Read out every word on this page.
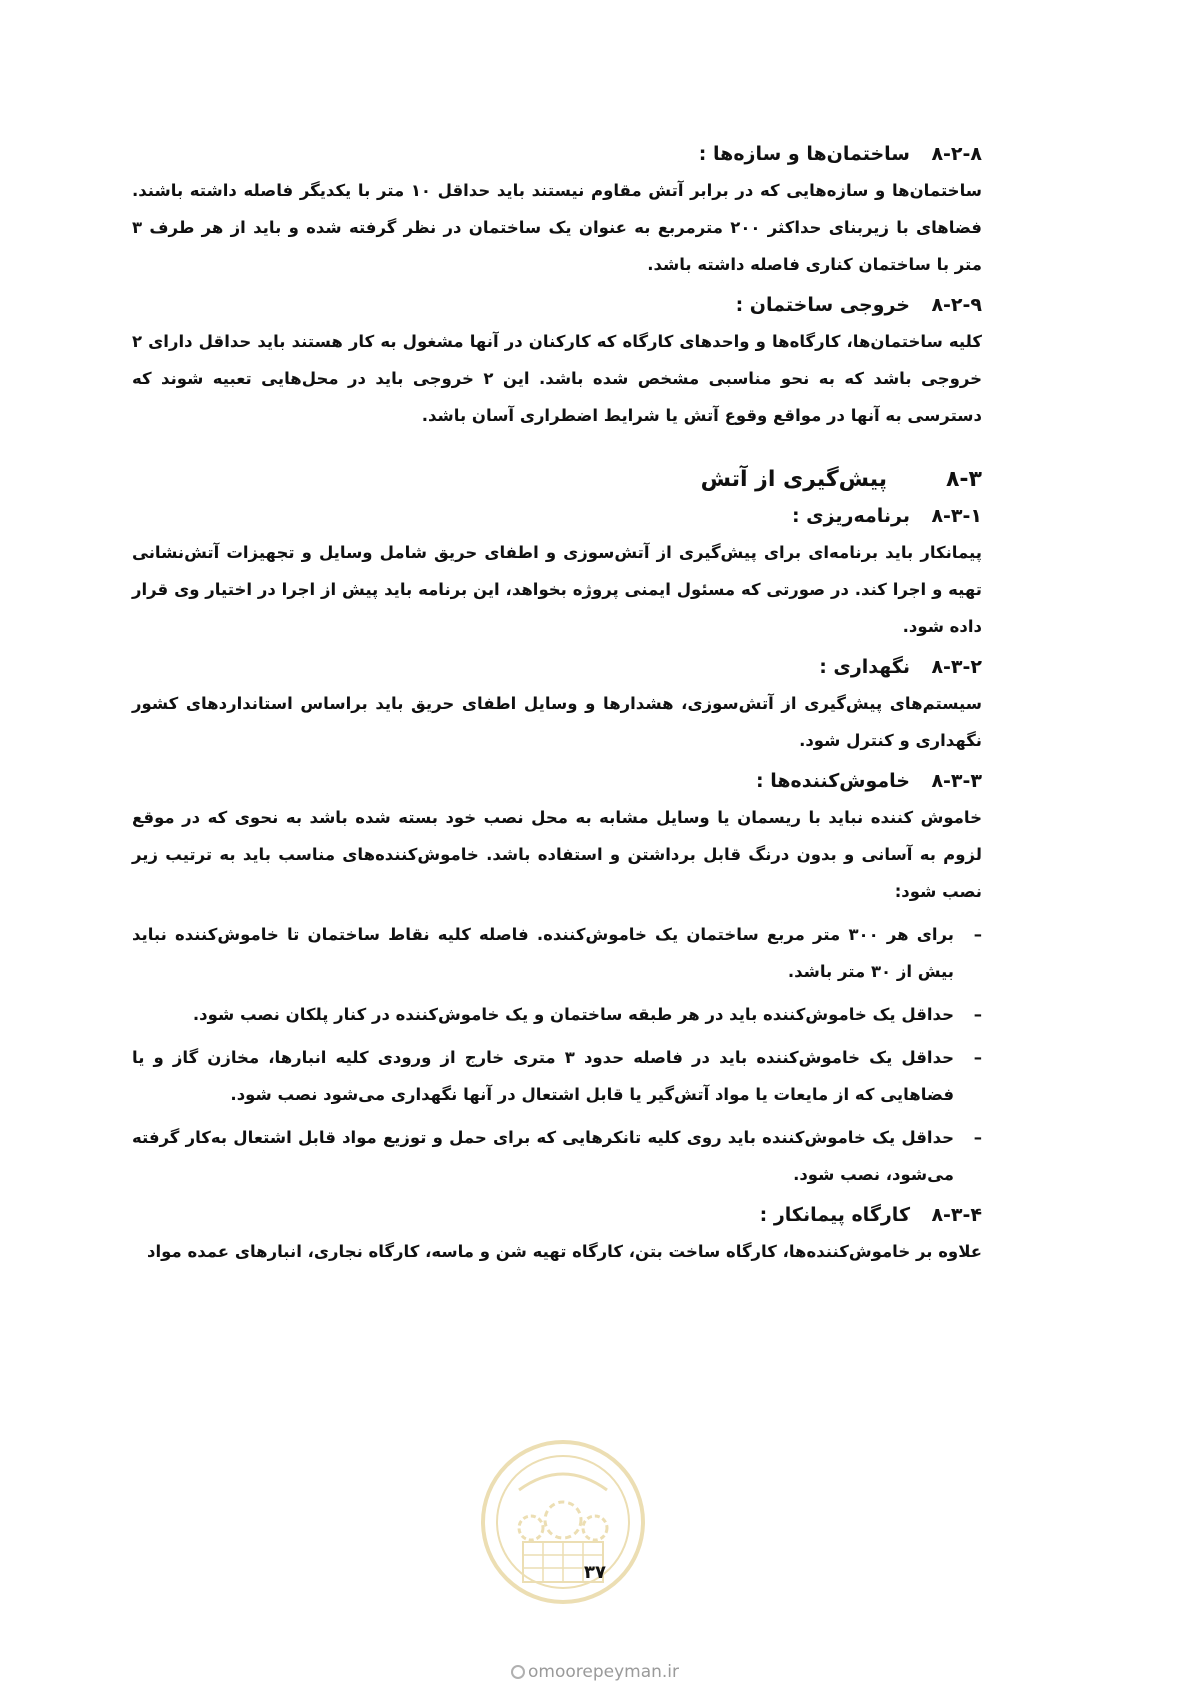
۸-۲-۸
ساختمان‌ها و سازه‌ها :

ساختمان‌ها و سازه‌هایی که در برابر آتش مقاوم نیستند باید حداقل ۱۰ متر با یکدیگر فاصله داشته باشند. فضاهای با زیربنای حداکثر ۲۰۰ مترمربع به عنوان یک ساختمان در نظر گرفته شده و باید از هر طرف ۳ متر با ساختمان کناری فاصله داشته باشد.

۸-۲-۹
خروجی ساختمان :

کلیه ساختمان‌ها، کارگاه‌ها و واحدهای کارگاه که کارکنان در آنها مشغول به کار هستند باید حداقل دارای ۲ خروجی باشد که به نحو مناسبی مشخص شده باشد. این ۲ خروجی باید در محل‌هایی تعبیه شوند که دسترسی به آنها در مواقع وقوع آتش یا شرایط اضطراری آسان باشد.

۸-۳
پیش‌گیری از آتش
۸-۳-۱
برنامه‌ریزی :

پیمانکار باید برنامه‌ای برای پیش‌گیری از آتش‌سوزی و اطفای حریق شامل وسایل و تجهیزات آتش‌نشانی تهیه و اجرا کند. در صورتی که مسئول ایمنی پروژه بخواهد، این برنامه باید پیش از اجرا در اختیار وی قرار داده شود.

۸-۳-۲
نگهداری :

سیستم‌های پیش‌گیری از آتش‌سوزی، هشدارها و وسایل اطفای حریق باید براساس استانداردهای کشور نگهداری و کنترل شود.

۸-۳-۳
خاموش‌کننده‌ها :

خاموش کننده نباید با ریسمان یا وسایل مشابه به محل نصب خود بسته شده باشد به نحوی که در موقع لزوم به آسانی و بدون درنگ قابل برداشتن و استفاده باشد. خاموش‌کننده‌های مناسب باید به ترتیب زیر نصب شود:

–
برای هر ۳۰۰ متر مربع ساختمان یک خاموش‌کننده. فاصله کلیه نقاط ساختمان تا خاموش‌کننده نباید بیش از ۳۰ متر باشد.
–
حداقل یک خاموش‌کننده باید در هر طبقه ساختمان و یک خاموش‌کننده در کنار پلکان نصب شود.
–
حداقل یک خاموش‌کننده باید در فاصله حدود ۳ متری خارج از ورودی کلیه انبارها، مخازن گاز و یا فضاهایی که از مایعات یا مواد آتش‌گیر یا قابل اشتعال در آنها نگهداری می‌شود نصب شود.
–
حداقل یک خاموش‌کننده باید روی کلیه تانکرهایی که برای حمل و توزیع مواد قابل اشتعال به‌کار گرفته می‌شود، نصب شود.
۸-۳-۴
کارگاه پیمانکار :

علاوه بر خاموش‌کننده‌ها، کارگاه ساخت بتن، کارگاه تهیه شن و ماسه، کارگاه نجاری، انبارهای عمده مواد

۳۷
omoorepeyman.ir
